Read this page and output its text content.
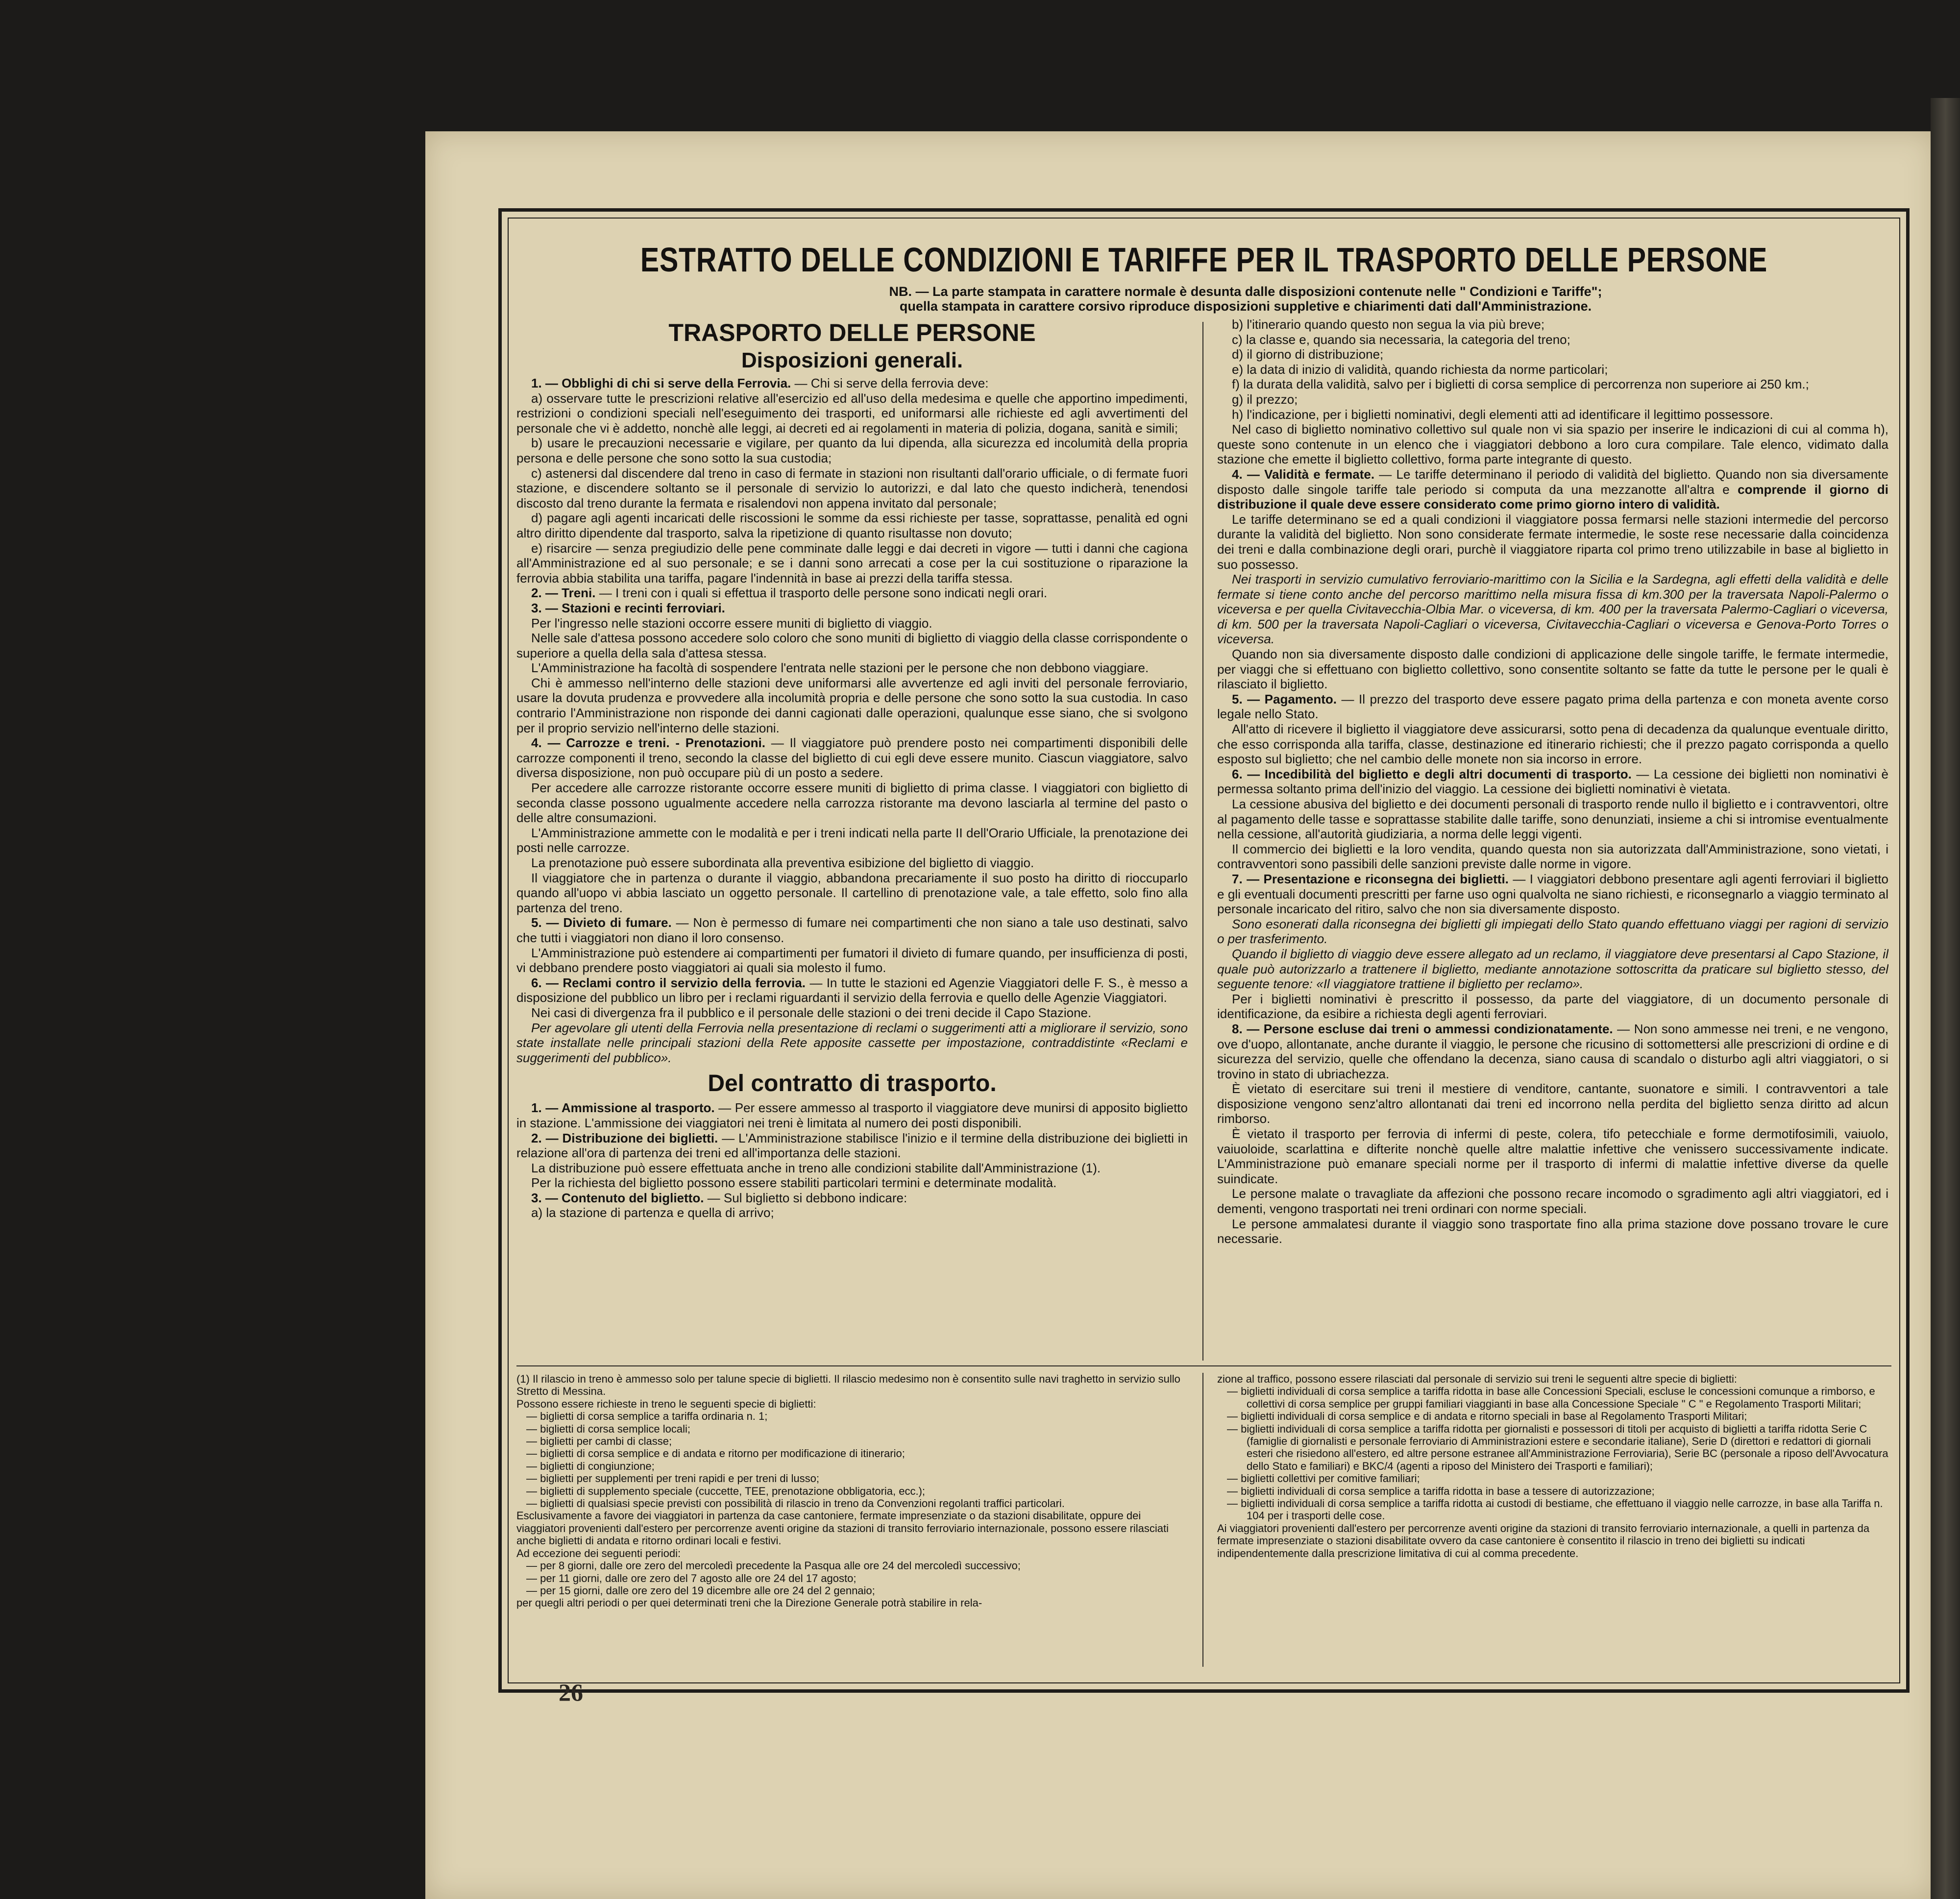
ESTRATTO DELLE CONDIZIONI E TARIFFE PER IL TRASPORTO DELLE PERSONE
NB. — La parte stampata in carattere normale è desunta dalle disposizioni contenute nelle " Condizioni e Tariffe";
quella stampata in carattere corsivo riproduce disposizioni suppletive e chiarimenti dati dall'Amministrazione.

TRASPORTO DELLE PERSONE

Disposizioni generali.

1. — Obblighi di chi si serve della Ferrovia. — Chi si serve della ferrovia deve:

a) osservare tutte le prescrizioni relative all'esercizio ed all'uso della medesima e quelle che apportino impedimenti, restrizioni o condizioni speciali nell'eseguimento dei trasporti, ed uniformarsi alle richieste ed agli avvertimenti del personale che vi è addetto, nonchè alle leggi, ai decreti ed ai regolamenti in materia di polizia, dogana, sanità e simili;

b) usare le precauzioni necessarie e vigilare, per quanto da lui dipenda, alla sicurezza ed incolumità della propria persona e delle persone che sono sotto la sua custodia;

c) astenersi dal discendere dal treno in caso di fermate in stazioni non risultanti dall'orario ufficiale, o di fermate fuori stazione, e discendere soltanto se il personale di servizio lo autorizzi, e dal lato che questo indicherà, tenendosi discosto dal treno durante la fermata e risalendovi non appena invitato dal personale;

d) pagare agli agenti incaricati delle riscossioni le somme da essi richieste per tasse, soprattasse, penalità ed ogni altro diritto dipendente dal trasporto, salva la ripetizione di quanto risultasse non dovuto;

e) risarcire — senza pregiudizio delle pene comminate dalle leggi e dai decreti in vigore — tutti i danni che cagiona all'Amministrazione ed al suo personale; e se i danni sono arrecati a cose per la cui sostituzione o riparazione la ferrovia abbia stabilita una tariffa, pagare l'indennità in base ai prezzi della tariffa stessa.

2. — Treni. — I treni con i quali si effettua il trasporto delle persone sono indicati negli orari.

3. — Stazioni e recinti ferroviari.

Per l'ingresso nelle stazioni occorre essere muniti di biglietto di viaggio.

Nelle sale d'attesa possono accedere solo coloro che sono muniti di biglietto di viaggio della classe corrispondente o superiore a quella della sala d'attesa stessa.

L'Amministrazione ha facoltà di sospendere l'entrata nelle stazioni per le persone che non debbono viaggiare.

Chi è ammesso nell'interno delle stazioni deve uniformarsi alle avvertenze ed agli inviti del personale ferroviario, usare la dovuta prudenza e provvedere alla incolumità propria e delle persone che sono sotto la sua custodia. In caso contrario l'Amministrazione non risponde dei danni cagionati dalle operazioni, qualunque esse siano, che si svolgono per il proprio servizio nell'interno delle stazioni.

4. — Carrozze e treni. - Prenotazioni. — Il viaggiatore può prendere posto nei compartimenti disponibili delle carrozze componenti il treno, secondo la classe del biglietto di cui egli deve essere munito. Ciascun viaggiatore, salvo diversa disposizione, non può occupare più di un posto a sedere.

Per accedere alle carrozze ristorante occorre essere muniti di biglietto di prima classe. I viaggiatori con biglietto di seconda classe possono ugualmente accedere nella carrozza ristorante ma devono lasciarla al termine del pasto o delle altre consumazioni.

L'Amministrazione ammette con le modalità e per i treni indicati nella parte II dell'Orario Ufficiale, la prenotazione dei posti nelle carrozze.

La prenotazione può essere subordinata alla preventiva esibizione del biglietto di viaggio.

Il viaggiatore che in partenza o durante il viaggio, abbandona precariamente il suo posto ha diritto di rioccuparlo quando all'uopo vi abbia lasciato un oggetto personale. Il cartellino di prenotazione vale, a tale effetto, solo fino alla partenza del treno.

5. — Divieto di fumare. — Non è permesso di fumare nei compartimenti che non siano a tale uso destinati, salvo che tutti i viaggiatori non diano il loro consenso.

L'Amministrazione può estendere ai compartimenti per fumatori il divieto di fumare quando, per insufficienza di posti, vi debbano prendere posto viaggiatori ai quali sia molesto il fumo.

6. — Reclami contro il servizio della ferrovia. — In tutte le stazioni ed Agenzie Viaggiatori delle F. S., è messo a disposizione del pubblico un libro per i reclami riguardanti il servizio della ferrovia e quello delle Agenzie Viaggiatori.

Nei casi di divergenza fra il pubblico e il personale delle stazioni o dei treni decide il Capo Stazione.

Per agevolare gli utenti della Ferrovia nella presentazione di reclami o suggerimenti atti a migliorare il servizio, sono state installate nelle principali stazioni della Rete apposite cassette per impostazione, contraddistinte «Reclami e suggerimenti del pubblico».

Del contratto di trasporto.

1. — Ammissione al trasporto. — Per essere ammesso al trasporto il viaggiatore deve munirsi di apposito biglietto in stazione. L'ammissione dei viaggiatori nei treni è limitata al numero dei posti disponibili.

2. — Distribuzione dei biglietti. — L'Amministrazione stabilisce l'inizio e il termine della distribuzione dei biglietti in relazione all'ora di partenza dei treni ed all'importanza delle stazioni.

La distribuzione può essere effettuata anche in treno alle condizioni stabilite dall'Amministrazione (1).

Per la richiesta del biglietto possono essere stabiliti particolari termini e determinate modalità.

3. — Contenuto del biglietto. — Sul biglietto si debbono indicare:

a) la stazione di partenza e quella di arrivo;

b) l'itinerario quando questo non segua la via più breve;

c) la classe e, quando sia necessaria, la categoria del treno;

d) il giorno di distribuzione;

e) la data di inizio di validità, quando richiesta da norme particolari;

f) la durata della validità, salvo per i biglietti di corsa semplice di percorrenza non superiore ai 250 km.;

g) il prezzo;

h) l'indicazione, per i biglietti nominativi, degli elementi atti ad identificare il legittimo possessore.

Nel caso di biglietto nominativo collettivo sul quale non vi sia spazio per inserire le indicazioni di cui al comma h), queste sono contenute in un elenco che i viaggiatori debbono a loro cura compilare. Tale elenco, vidimato dalla stazione che emette il biglietto collettivo, forma parte integrante di questo.

4. — Validità e fermate. — Le tariffe determinano il periodo di validità del biglietto. Quando non sia diversamente disposto dalle singole tariffe tale periodo si computa da una mezzanotte all'altra e comprende il giorno di distribuzione il quale deve essere considerato come primo giorno intero di validità.

Le tariffe determinano se ed a quali condizioni il viaggiatore possa fermarsi nelle stazioni intermedie del percorso durante la validità del biglietto. Non sono considerate fermate intermedie, le soste rese necessarie dalla coincidenza dei treni e dalla combinazione degli orari, purchè il viaggiatore riparta col primo treno utilizzabile in base al biglietto in suo possesso.

Nei trasporti in servizio cumulativo ferroviario-marittimo con la Sicilia e la Sardegna, agli effetti della validità e delle fermate si tiene conto anche del percorso marittimo nella misura fissa di km.300 per la traversata Napoli-Palermo o viceversa e per quella Civitavecchia-Olbia Mar. o viceversa, di km. 400 per la traversata Palermo-Cagliari o viceversa, di km. 500 per la traversata Napoli-Cagliari o viceversa, Civitavecchia-Cagliari o viceversa e Genova-Porto Torres o viceversa.

Quando non sia diversamente disposto dalle condizioni di applicazione delle singole tariffe, le fermate intermedie, per viaggi che si effettuano con biglietto collettivo, sono consentite soltanto se fatte da tutte le persone per le quali è rilasciato il biglietto.

5. — Pagamento. — Il prezzo del trasporto deve essere pagato prima della partenza e con moneta avente corso legale nello Stato.

All'atto di ricevere il biglietto il viaggiatore deve assicurarsi, sotto pena di decadenza da qualunque eventuale diritto, che esso corrisponda alla tariffa, classe, destinazione ed itinerario richiesti; che il prezzo pagato corrisponda a quello esposto sul biglietto; che nel cambio delle monete non sia incorso in errore.

6. — Incedibilità del biglietto e degli altri documenti di trasporto. — La cessione dei biglietti non nominativi è permessa soltanto prima dell'inizio del viaggio. La cessione dei biglietti nominativi è vietata.

La cessione abusiva del biglietto e dei documenti personali di trasporto rende nullo il biglietto e i contravventori, oltre al pagamento delle tasse e soprattasse stabilite dalle tariffe, sono denunziati, insieme a chi si intromise eventualmente nella cessione, all'autorità giudiziaria, a norma delle leggi vigenti.

Il commercio dei biglietti e la loro vendita, quando questa non sia autorizzata dall'Amministrazione, sono vietati, i contravventori sono passibili delle sanzioni previste dalle norme in vigore.

7. — Presentazione e riconsegna dei biglietti. — I viaggiatori debbono presentare agli agenti ferroviari il biglietto e gli eventuali documenti prescritti per farne uso ogni qualvolta ne siano richiesti, e riconsegnarlo a viaggio terminato al personale incaricato del ritiro, salvo che non sia diversamente disposto.

Sono esonerati dalla riconsegna dei biglietti gli impiegati dello Stato quando effettuano viaggi per ragioni di servizio o per trasferimento.

Quando il biglietto di viaggio deve essere allegato ad un reclamo, il viaggiatore deve presentarsi al Capo Stazione, il quale può autorizzarlo a trattenere il biglietto, mediante annotazione sottoscritta da praticare sul biglietto stesso, del seguente tenore: «Il viaggiatore trattiene il biglietto per reclamo».

Per i biglietti nominativi è prescritto il possesso, da parte del viaggiatore, di un documento personale di identificazione, da esibire a richiesta degli agenti ferroviari.

8. — Persone escluse dai treni o ammessi condizionatamente. — Non sono ammesse nei treni, e ne vengono, ove d'uopo, allontanate, anche durante il viaggio, le persone che ricusino di sottomettersi alle prescrizioni di ordine e di sicurezza del servizio, quelle che offendano la decenza, siano causa di scandalo o disturbo agli altri viaggiatori, o si trovino in stato di ubriachezza.

È vietato di esercitare sui treni il mestiere di venditore, cantante, suonatore e simili. I contravventori a tale disposizione vengono senz'altro allontanati dai treni ed incorrono nella perdita del biglietto senza diritto ad alcun rimborso.

È vietato il trasporto per ferrovia di infermi di peste, colera, tifo petecchiale e forme dermotifosimili, vaiuolo, vaiuoloide, scarlattina e difterite nonchè quelle altre malattie infettive che venissero successivamente indicate. L'Amministrazione può emanare speciali norme per il trasporto di infermi di malattie infettive diverse da quelle suindicate.

Le persone malate o travagliate da affezioni che possono recare incomodo o sgradimento agli altri viaggiatori, ed i dementi, vengono trasportati nei treni ordinari con norme speciali.

Le persone ammalatesi durante il viaggio sono trasportate fino alla prima stazione dove possano trovare le cure necessarie.

(1) Il rilascio in treno è ammesso solo per talune specie di biglietti. Il rilascio medesimo non è consentito sulle navi traghetto in servizio sullo Stretto di Messina.

Possono essere richieste in treno le seguenti specie di biglietti:

— biglietti di corsa semplice a tariffa ordinaria n. 1;

— biglietti di corsa semplice locali;

— biglietti per cambi di classe;

— biglietti di corsa semplice e di andata e ritorno per modificazione di itinerario;

— biglietti di congiunzione;

— biglietti per supplementi per treni rapidi e per treni di lusso;

— biglietti di supplemento speciale (cuccette, TEE, prenotazione obbligatoria, ecc.);

— biglietti di qualsiasi specie previsti con possibilità di rilascio in treno da Convenzioni regolanti traffici particolari.

Esclusivamente a favore dei viaggiatori in partenza da case cantoniere, fermate impresenziate o da stazioni disabilitate, oppure dei viaggiatori provenienti dall'estero per percorrenze aventi origine da stazioni di transito ferroviario internazionale, possono essere rilasciati anche biglietti di andata e ritorno ordinari locali e festivi.

Ad eccezione dei seguenti periodi:

— per 8 giorni, dalle ore zero del mercoledì precedente la Pasqua alle ore 24 del mercoledì successivo;

— per 11 giorni, dalle ore zero del 7 agosto alle ore 24 del 17 agosto;

— per 15 giorni, dalle ore zero del 19 dicembre alle ore 24 del 2 gennaio;

per quegli altri periodi o per quei determinati treni che la Direzione Generale potrà stabilire in rela-

zione al traffico, possono essere rilasciati dal personale di servizio sui treni le seguenti altre specie di biglietti:

— biglietti individuali di corsa semplice a tariffa ridotta in base alle Concessioni Speciali, escluse le concessioni comunque a rimborso, e collettivi di corsa semplice per gruppi familiari viaggianti in base alla Concessione Speciale " C " e Regolamento Trasporti Militari;

— biglietti individuali di corsa semplice e di andata e ritorno speciali in base al Regolamento Trasporti Militari;

— biglietti individuali di corsa semplice a tariffa ridotta per giornalisti e possessori di titoli per acquisto di biglietti a tariffa ridotta Serie C (famiglie di giornalisti e personale ferroviario di Amministrazioni estere e secondarie italiane), Serie D (direttori e redattori di giornali esteri che risiedono all'estero, ed altre persone estranee all'Amministrazione Ferroviaria), Serie BC (personale a riposo dell'Avvocatura dello Stato e familiari) e BKC/4 (agenti a riposo del Ministero dei Trasporti e familiari);

— biglietti collettivi per comitive familiari;

— biglietti individuali di corsa semplice a tariffa ridotta in base a tessere di autorizzazione;

— biglietti individuali di corsa semplice a tariffa ridotta ai custodi di bestiame, che effettuano il viaggio nelle carrozze, in base alla Tariffa n. 104 per i trasporti delle cose.

Ai viaggiatori provenienti dall'estero per percorrenze aventi origine da stazioni di transito ferroviario internazionale, a quelli in partenza da fermate impresenziate o stazioni disabilitate ovvero da case cantoniere è consentito il rilascio in treno dei biglietti su indicati indipendentemente dalla prescrizione limitativa di cui al comma precedente.

26
